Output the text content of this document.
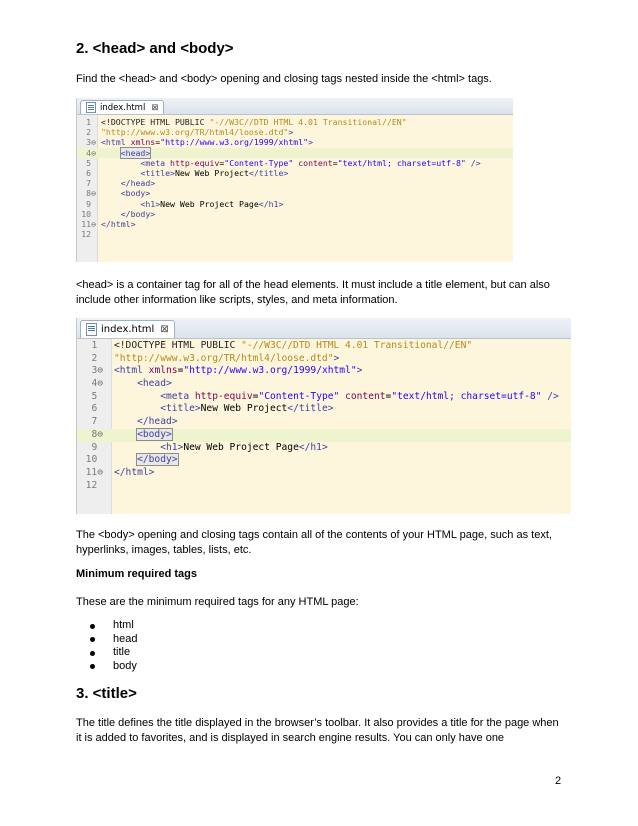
2. <head> and <body>

Find the <head> and <body> opening and closing tags nested inside the <html> tags.

index.html ⊠
1 <!DOCTYPE HTML PUBLIC "-//W3C//DTD HTML 4.01 Transitional//EN"
2 "http://www.w3.org/TR/html4/loose.dtd">
3⊖ <html xmlns="http://www.w3.org/1999/xhtml">
4⊖	<head>
5	<meta http-equiv="Content-Type" content="text/html; charset=utf-8" />
6	<title>New Web Project</title>
7	</head>
8⊖	<body>
9	<h1>New Web Project Page</h1>
10	</body>
11⊖ </html>
12

<head> is a container tag for all of the head elements. It must include a title element, but can also include other information like scripts, styles, and meta information.

index.html ⊠
1 <!DOCTYPE HTML PUBLIC "-//W3C//DTD HTML 4.01 Transitional//EN"
2 "http://www.w3.org/TR/html4/loose.dtd">
3⊖ <html xmlns="http://www.w3.org/1999/xhtml">
4⊖	<head>
5	<meta http-equiv="Content-Type" content="text/html; charset=utf-8" />
6	<title>New Web Project</title>
7	</head>
8⊖	<body>
9	<h1>New Web Project Page</h1>
10	</body>
11⊖ </html>
12

The <body> opening and closing tags contain all of the contents of your HTML page, such as text, hyperlinks, images, tables, lists, etc.

Minimum required tags

These are the minimum required tags for any HTML page:

html
head
title
body
3. <title>

The title defines the title displayed in the browser’s toolbar. It also provides a title for the page when it is added to favorites, and is displayed in search engine results. You can only have one

2
